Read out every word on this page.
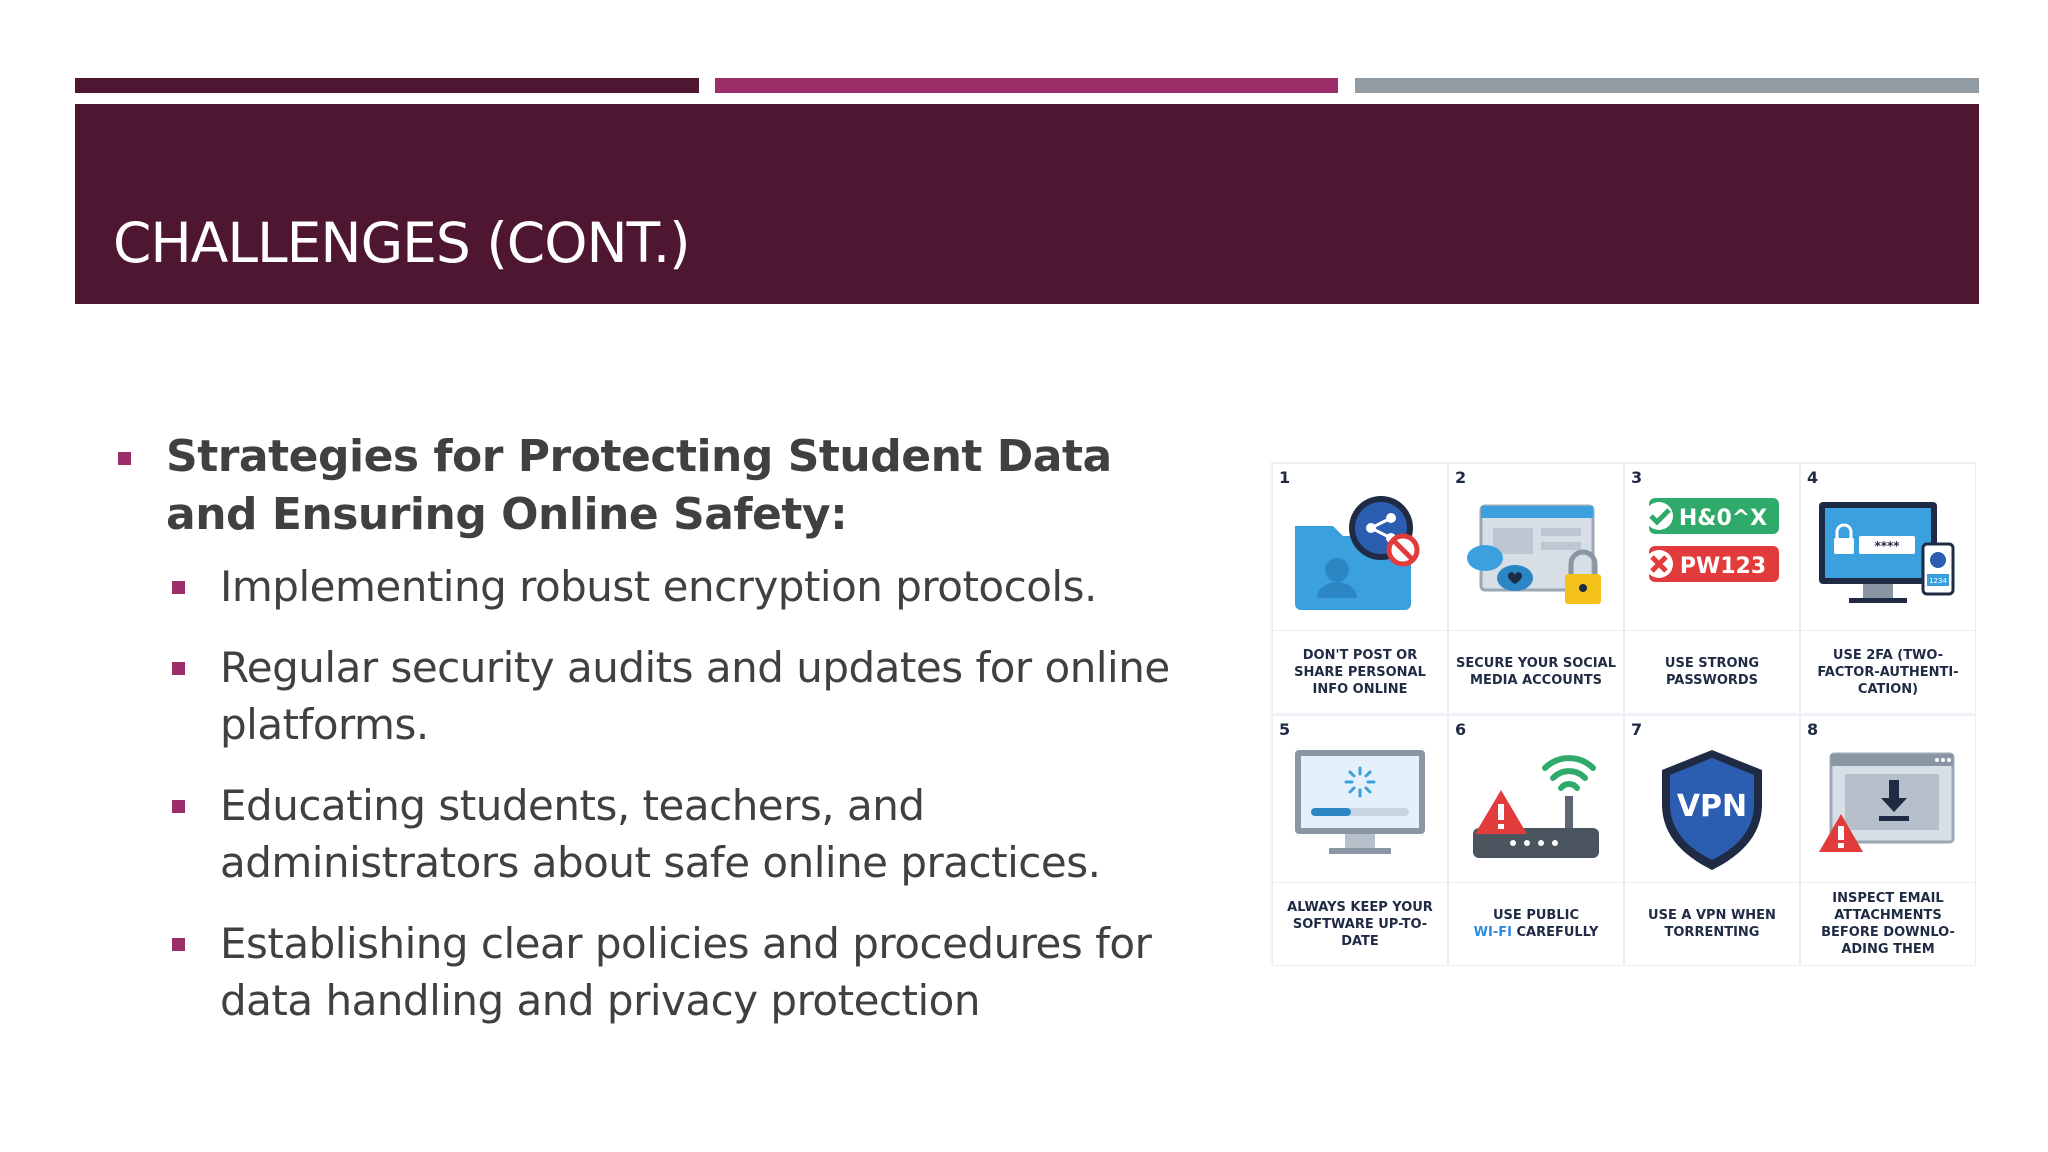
CHALLENGES (CONT.)
Strategies for Protecting Student Data and Ensuring Online Safety:
Implementing robust encryption protocols.
Regular security audits and updates for online platforms.
Educating students, teachers, and administrators about safe online practices.
Establishing clear policies and procedures for data handling and privacy protection
1
DON'T POST OR SHARE PERSONAL INFO ONLINE
2
SECURE YOUR SOCIAL MEDIA ACCOUNTS
3
H&0^X
PW123
USE STRONG PASSWORDS
4
****
1234
USE 2FA (TWO-FACTOR-AUTHENTI-CATION)
5
ALWAYS KEEP YOUR SOFTWARE UP-TO-DATE
6
USE PUBLIC
WI-FI CAREFULLY
7
VPN
USE A VPN WHEN TORRENTING
8
INSPECT EMAIL ATTACHMENTS BEFORE DOWNLO-ADING THEM
